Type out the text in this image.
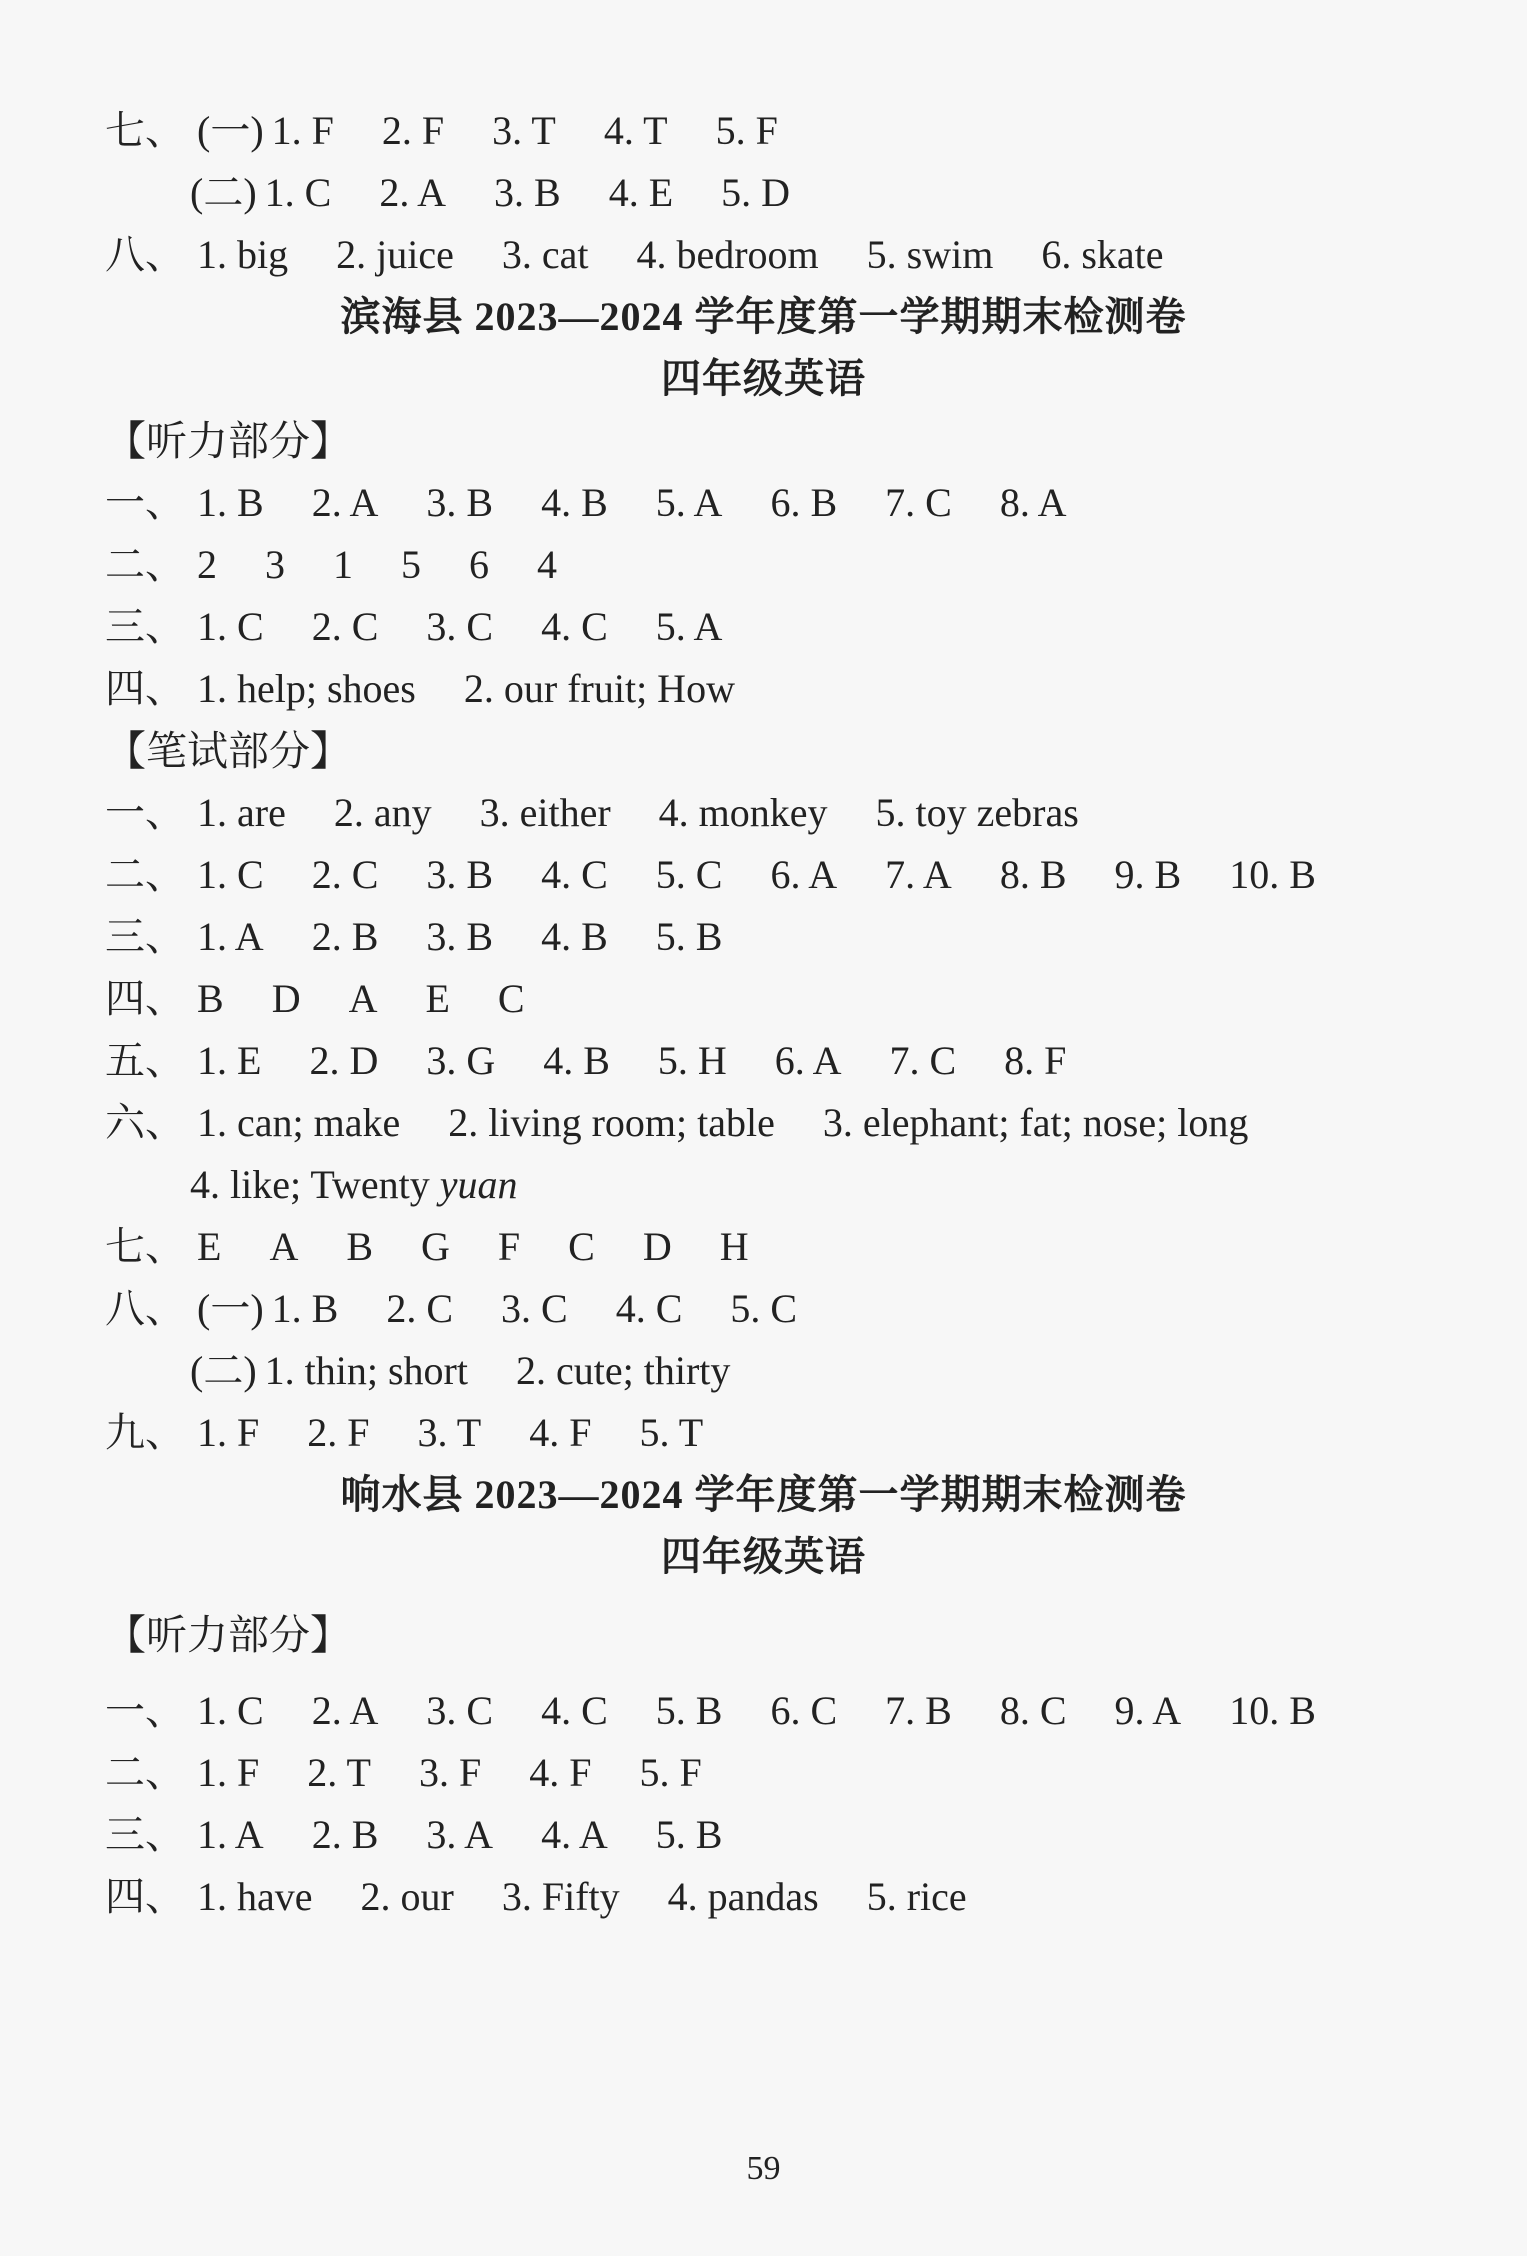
七、 (一) 1. F 2. F 3. T 4. T 5. F
(二) 1. C 2. A 3. B 4. E 5. D
八、 1. big 2. juice 3. cat 4. bedroom 5. swim 6. skate
滨海县 2023—2024 学年度第一学期期末检测卷
四年级英语
【听力部分】
一、 1. B 2. A 3. B 4. B 5. A 6. B 7. C 8. A
二、 2 3 1 5 6 4
三、 1. C 2. C 3. C 4. C 5. A
四、 1. help; shoes 2. our fruit; How
【笔试部分】
一、 1. are 2. any 3. either 4. monkey 5. toy zebras
二、 1. C 2. C 3. B 4. C 5. C 6. A 7. A 8. B 9. B 10. B
三、 1. A 2. B 3. B 4. B 5. B
四、 B D A E C
五、 1. E 2. D 3. G 4. B 5. H 6. A 7. C 8. F
六、 1. can; make 2. living room; table 3. elephant; fat; nose; long
4. like; Twenty yuan
七、 E A B G F C D H
八、 (一) 1. B 2. C 3. C 4. C 5. C
(二) 1. thin; short 2. cute; thirty
九、 1. F 2. F 3. T 4. F 5. T
响水县 2023—2024 学年度第一学期期末检测卷
四年级英语
【听力部分】
一、 1. C 2. A 3. C 4. C 5. B 6. C 7. B 8. C 9. A 10. B
二、 1. F 2. T 3. F 4. F 5. F
三、 1. A 2. B 3. A 4. A 5. B
四、 1. have 2. our 3. Fifty 4. pandas 5. rice
59
